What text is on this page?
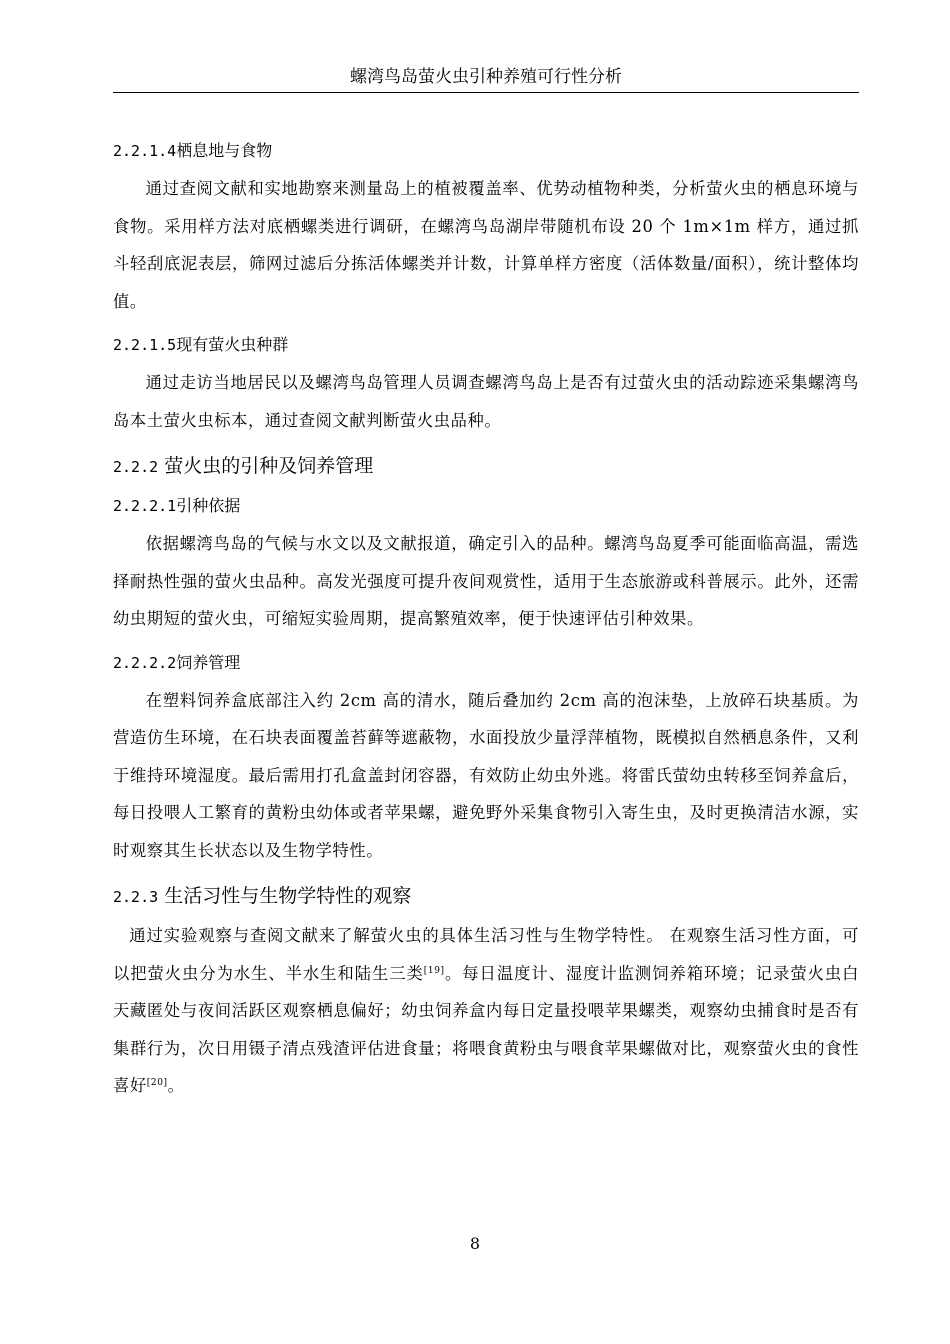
螺湾鸟岛萤火虫引种养殖可行性分析
2.2.1.4栖息地与食物

通过查阅文献和实地勘察来测量岛上的植被覆盖率、优势动植物种类，分析萤火虫的栖息环境与食物。采用样方法对底栖螺类进行调研，在螺湾鸟岛湖岸带随机布设 20 个 1m×1m 样方，通过抓斗轻刮底泥表层，筛网过滤后分拣活体螺类并计数，计算单样方密度（活体数量/面积），统计整体均值。

2.2.1.5现有萤火虫种群

通过走访当地居民以及螺湾鸟岛管理人员调查螺湾鸟岛上是否有过萤火虫的活动踪迹采集螺湾鸟岛本土萤火虫标本，通过查阅文献判断萤火虫品种。

2.2.2 萤火虫的引种及饲养管理
2.2.2.1引种依据

依据螺湾鸟岛的气候与水文以及文献报道，确定引入的品种。螺湾鸟岛夏季可能面临高温，需选择耐热性强的萤火虫品种。高发光强度可提升夜间观赏性，适用于生态旅游或科普展示。此外，还需幼虫期短的萤火虫，可缩短实验周期，提高繁殖效率，便于快速评估引种效果。

2.2.2.2饲养管理

在塑料饲养盒底部注入约 2cm 高的清水，随后叠加约 2cm 高的泡沫垫，上放碎石块基质。为营造仿生环境，在石块表面覆盖苔藓等遮蔽物，水面投放少量浮萍植物，既模拟自然栖息条件，又利于维持环境湿度。最后需用打孔盒盖封闭容器，有效防止幼虫外逃。将雷氏萤幼虫转移至饲养盒后，每日投喂人工繁育的黄粉虫幼体或者苹果螺，避免野外采集食物引入寄生虫，及时更换清洁水源，实时观察其生长状态以及生物学特性。

2.2.3 生活习性与生物学特性的观察

通过实验观察与查阅文献来了解萤火虫的具体生活习性与生物学特性。 在观察生活习性方面，可以把萤火虫分为水生、半水生和陆生三类[19]。每日温度计、湿度计监测饲养箱环境；记录萤火虫白天藏匿处与夜间活跃区观察栖息偏好；幼虫饲养盒内每日定量投喂苹果螺类，观察幼虫捕食时是否有集群行为，次日用镊子清点残渣评估进食量；将喂食黄粉虫与喂食苹果螺做对比，观察萤火虫的食性喜好[20]。

8
